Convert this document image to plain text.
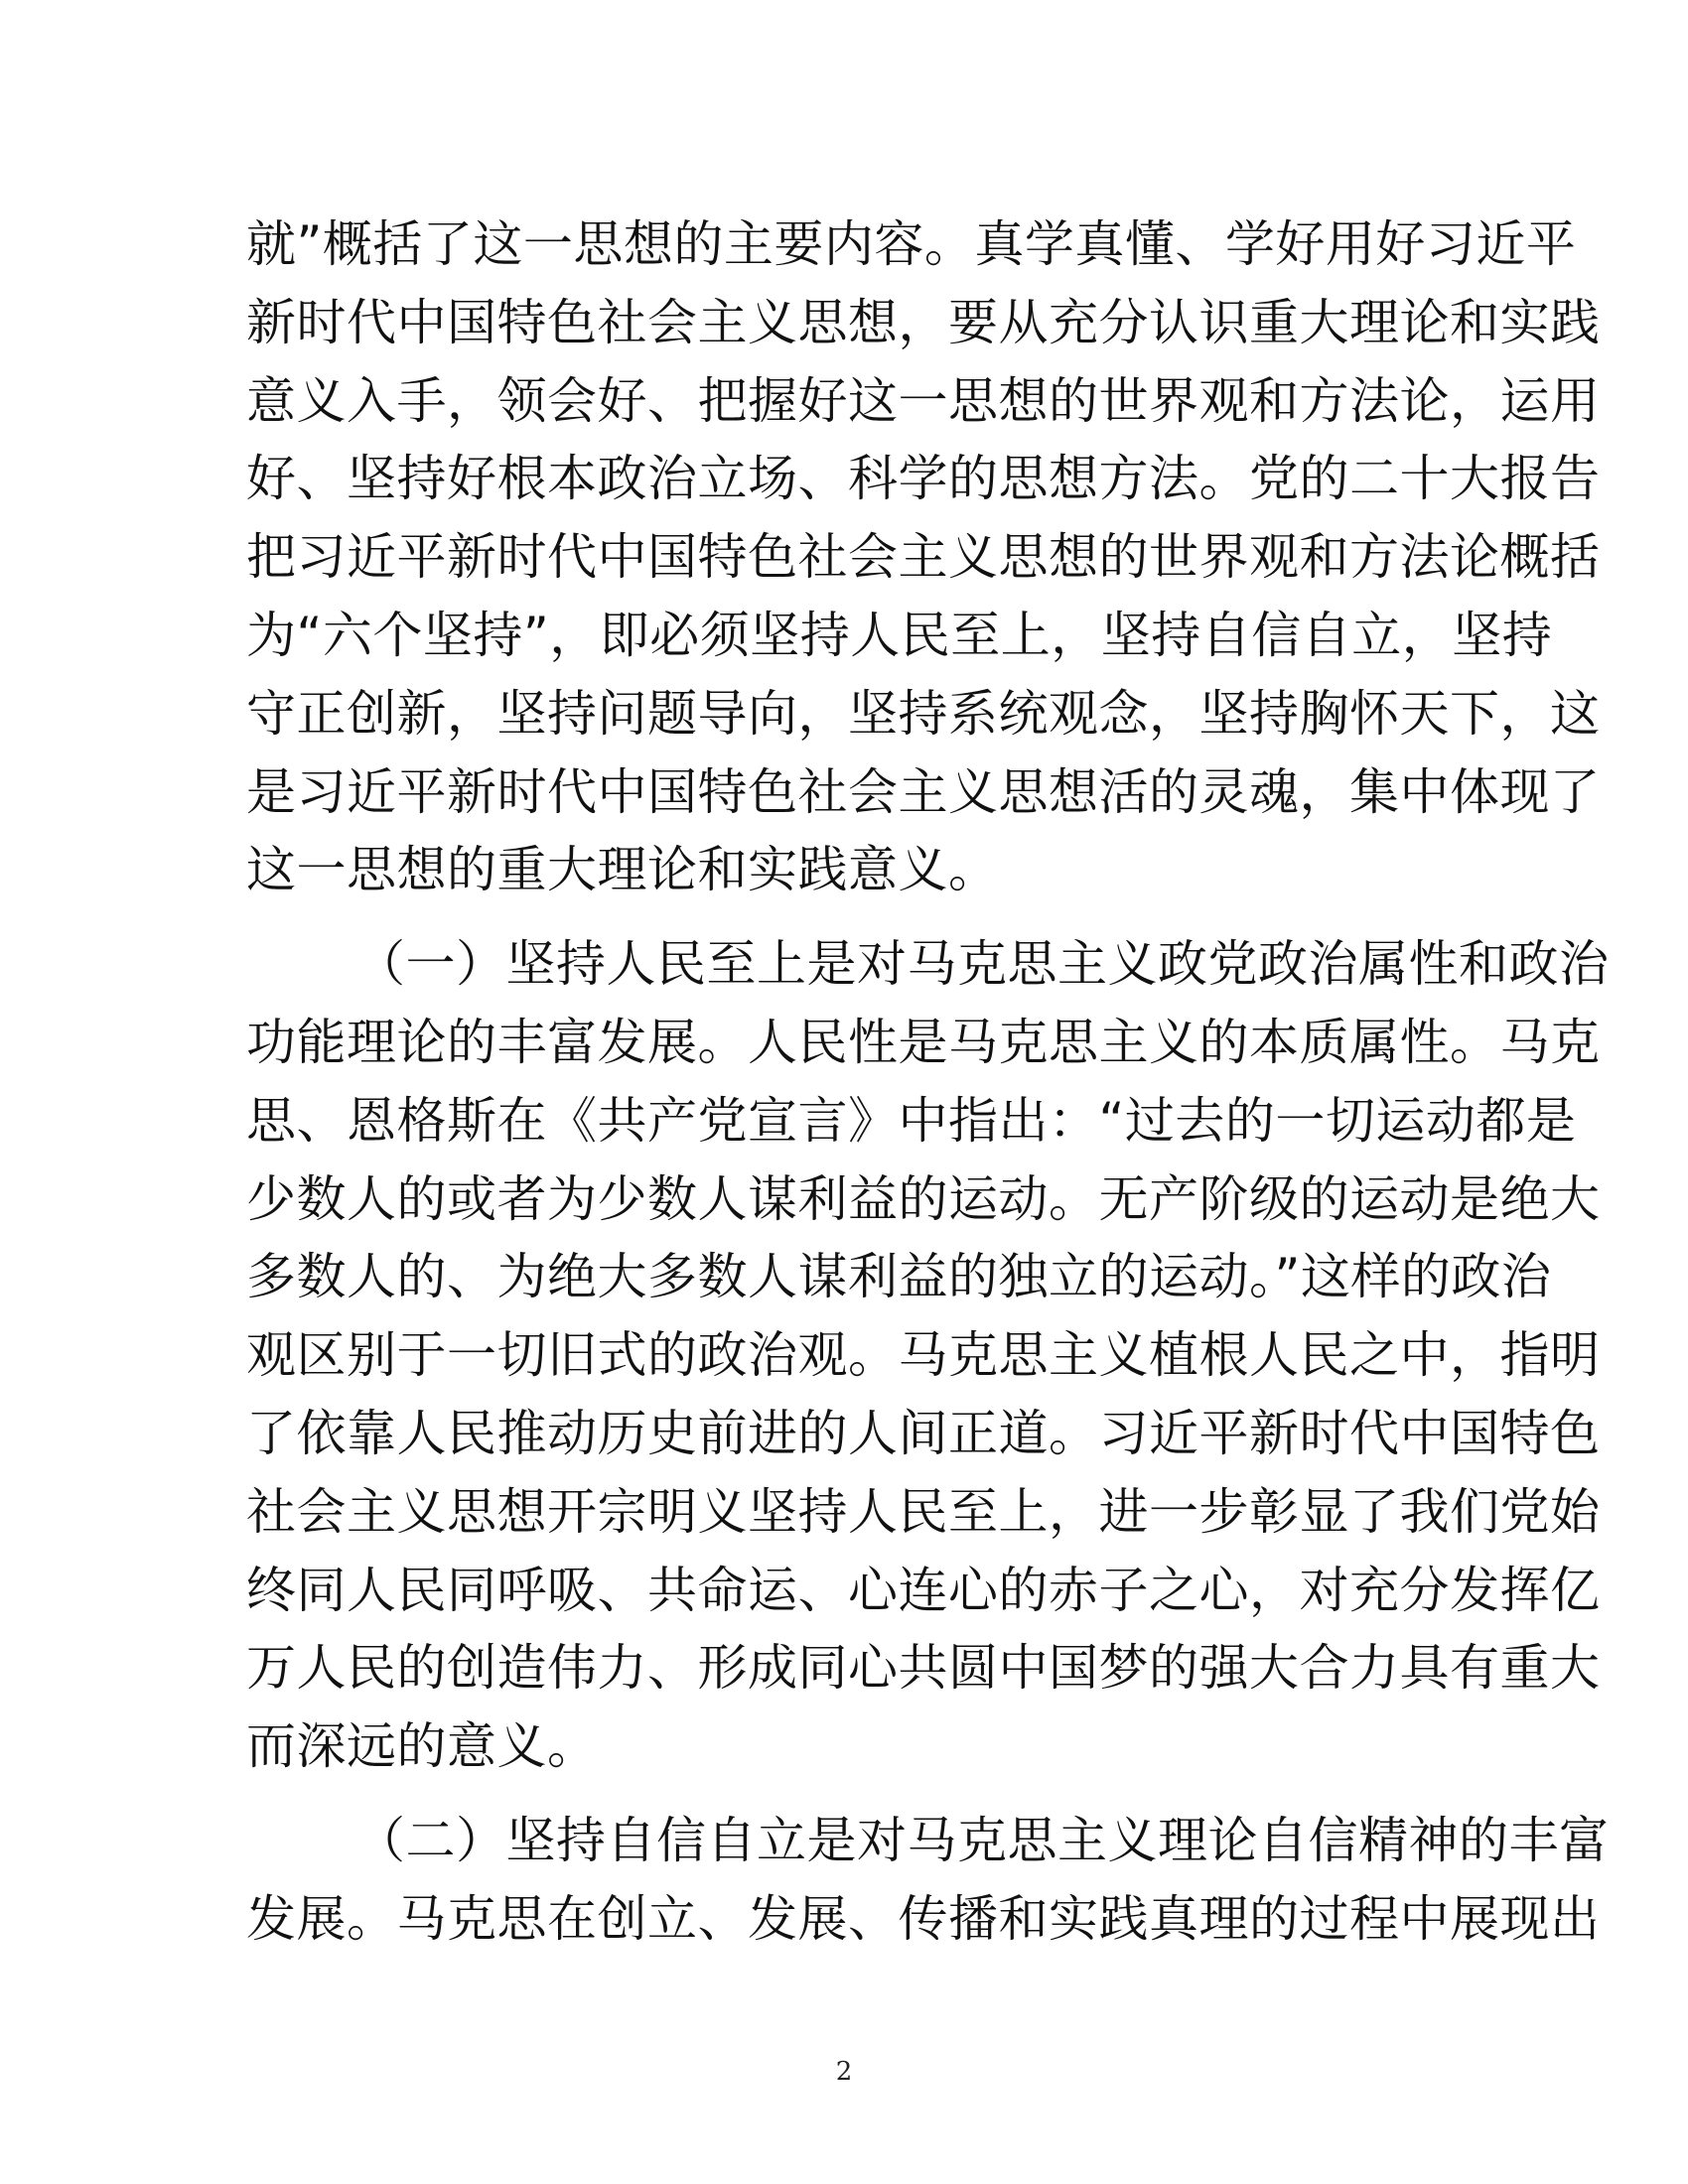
就”概括了这一思想的主要内容。真学真懂、学好用好习近平
新时代中国特色社会主义思想，要从充分认识重大理论和实践
意义入手，领会好、把握好这一思想的世界观和方法论，运用
好、坚持好根本政治立场、科学的思想方法。党的二十大报告
把习近平新时代中国特色社会主义思想的世界观和方法论概括
为“六个坚持”，即必须坚持人民至上，坚持自信自立，坚持
守正创新，坚持问题导向，坚持系统观念，坚持胸怀天下，这
是习近平新时代中国特色社会主义思想活的灵魂，集中体现了
这一思想的重大理论和实践意义。
（一）坚持人民至上是对马克思主义政党政治属性和政治
功能理论的丰富发展。人民性是马克思主义的本质属性。马克
思、恩格斯在《共产党宣言》中指出：“过去的一切运动都是
少数人的或者为少数人谋利益的运动。无产阶级的运动是绝大
多数人的、为绝大多数人谋利益的独立的运动。”这样的政治
观区别于一切旧式的政治观。马克思主义植根人民之中，指明
了依靠人民推动历史前进的人间正道。习近平新时代中国特色
社会主义思想开宗明义坚持人民至上，进一步彰显了我们党始
终同人民同呼吸、共命运、心连心的赤子之心，对充分发挥亿
万人民的创造伟力、形成同心共圆中国梦的强大合力具有重大
而深远的意义。
（二）坚持自信自立是对马克思主义理论自信精神的丰富
发展。马克思在创立、发展、传播和实践真理的过程中展现出
2
